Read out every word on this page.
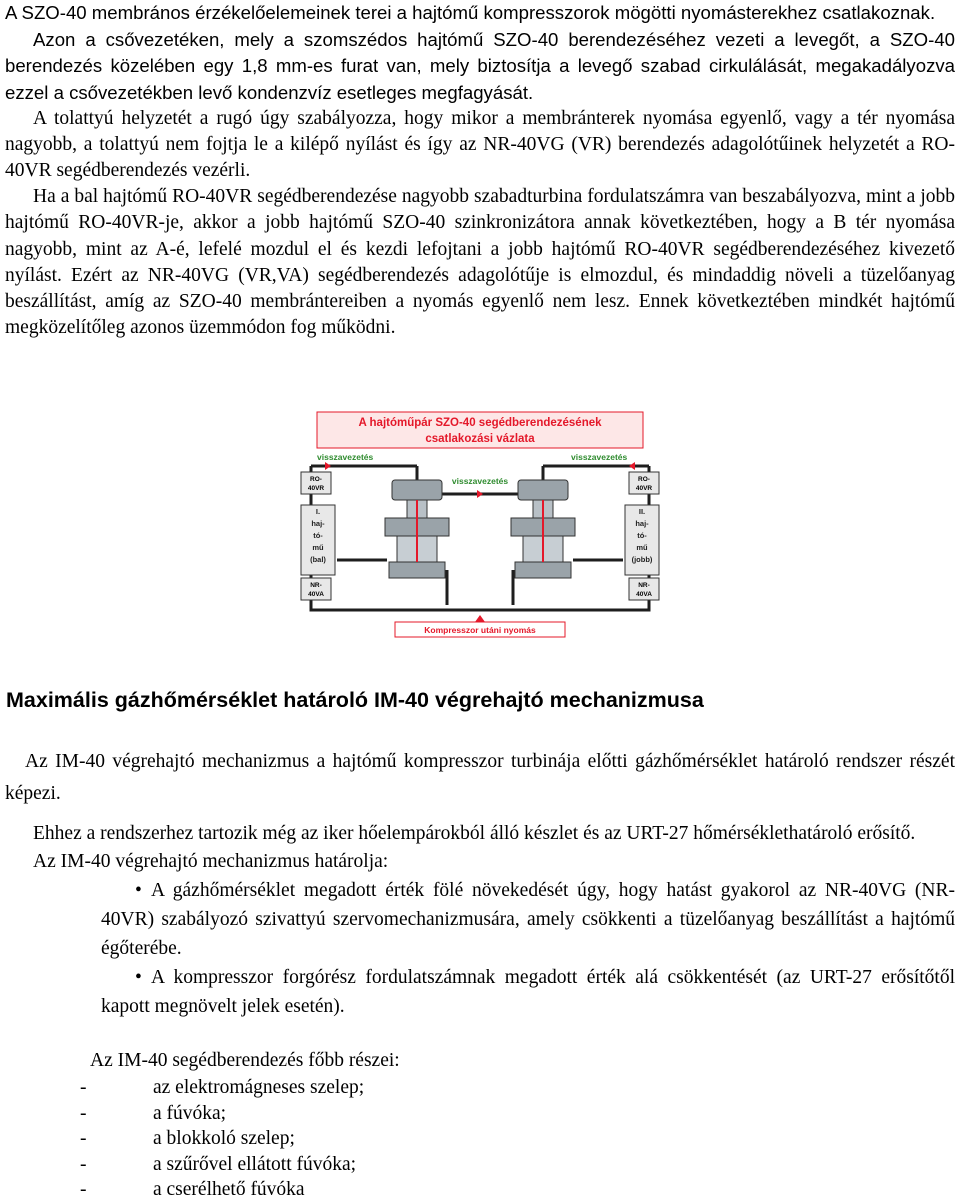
A SZO-40 membrános érzékelőelemeinek terei a hajtómű kompresszorok mögötti nyomásterekhez csatlakoznak.

Azon a csővezetéken, mely a szomszédos hajtómű SZO-40 berendezéséhez vezeti a levegőt, a SZO-40 berendezés közelében egy 1,8 mm-es furat van, mely biztosítja a levegő szabad cirkulálását, megakadályozva ezzel a csővezetékben levő kondenzvíz esetleges megfagyását.

A tolattyú helyzetét a rugó úgy szabályozza, hogy mikor a membránterek nyomása egyenlő, vagy a tér nyomása nagyobb, a tolattyú nem fojtja le a kilépő nyílást és így az NR-40VG (VR) berendezés adagolótűinek helyzetét a RO-40VR segédberendezés vezérli.

Ha a bal hajtómű RO-40VR segédberendezése nagyobb szabadturbina fordulatszámra van beszabályozva, mint a jobb hajtómű RO-40VR-je, akkor a jobb hajtómű SZO-40 szinkronizátora annak következtében, hogy a B tér nyomása nagyobb, mint az A-é, lefelé mozdul el és kezdi lefojtani a jobb hajtómű RO-40VR segédberendezéséhez kivezető nyílást. Ezért az NR-40VG (VR,VA) segédberendezés adagolótűje is elmozdul, és mindaddig növeli a tüzelőanyag beszállítást, amíg az SZO-40 membrántereiben a nyomás egyenlő nem lesz. Ennek következtében mindkét hajtómű megközelítőleg azonos üzemmódon fog működni.

A hajtóműpár SZO-40 segédberendezésének
csatlakozási vázlata
visszavezetés	visszavezetés
visszavezetés
I.
haj-
tó-
mű
(bal)
RO-
40VR
NR-
40VA
II.
haj-
tó-
mű
(jobb)
RO-
40VR
NR-
40VA
Kompresszor utáni nyomás
Maximális gázhőmérséklet határoló IM-40 végrehajtó mechanizmusa

Az IM-40 végrehajtó mechanizmus a hajtómű kompresszor turbinája előtti gázhőmérséklet határoló rendszer részét képezi.

Ehhez a rendszerhez tartozik még az iker hőelempárokból álló készlet és az URT-27 hőmérséklethatároló erősítő.

Az IM-40 végrehajtó mechanizmus határolja:

• A gázhőmérséklet megadott érték fölé növekedését úgy, hogy hatást gyakorol az NR-40VG (NR-40VR) szabályozó szivattyú szervomechanizmusára, amely csökkenti a tüzelőanyag beszállítást a hajtómű égőterébe.
• A kompresszor forgórész fordulatszámnak megadott érték alá csökkentését (az URT-27 erősítőtől kapott megnövelt jelek esetén).

Az IM-40 segédberendezés főbb részei:

-	az elektromágneses szelep;
-	a fúvóka;
-	a blokkoló szelep;
-	a szűrővel ellátott fúvóka;
-	a cserélhető fúvóka
